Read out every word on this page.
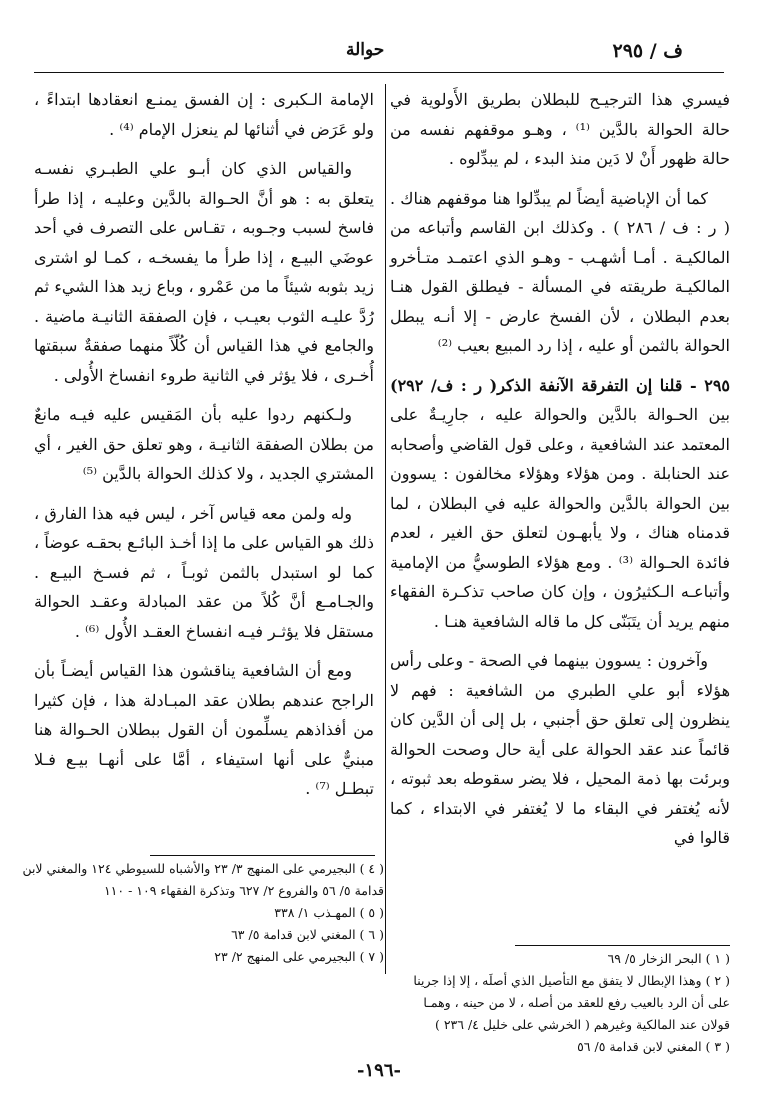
ف / ٢٩٥
حوالة

فيسري هذا الترجيـح للبطلان بطريق الأَولوية في حالة الحوالة بالدَّين ⁽¹⁾ ، وهـو موقفهم نفسه من حالة ظهور أَنْ لا دَين منذ البدء ، لم يبدِّلوه .

كما أن الإباضية أيضاً لم يبدِّلوا هنا موقفهم هناك . ( ر : ف / ٢٨٦ ) . وكذلك ابن القاسم وأتباعه من المالكيـة . أمـا أشهـب - وهـو الذي اعتمـد متـأخرو المالكيـة طريقته في المسألة - فيطلق القول هنـا بعدم البطلان ، لأن الفسخ عارض - إلا أنـه يبطل الحوالة بالثمن أو عليه ، إذا رد المبيع بعيب ⁽²⁾

٢٩٥ - قلنا إن التفرقة الآنفة الذكر( ر : ف/ ٢٩٢) بين الحـوالة بالدَّين والحوالة عليه ، جارِيـةٌ على المعتمد عند الشافعية ، وعلى قول القاضي وأصحابه عند الحنابلة . ومن هؤلاء وهؤلاء مخالفون : يسوون بين الحوالة بالدَّين والحوالة عليه في البطلان ، لما قدمناه هناك ، ولا يأبهـون لتعلق حق الغير ، لعدم فائدة الحـوالة ⁽³⁾ . ومع هؤلاء الطوسيُّ من الإمامية وأتباعـه الـكثيرُون ، وإن كان صاحب تذكـرة الفقهاء منهم يريد أن يتَبَنّى كل ما قاله الشافعية هنـا .

وآخرون : يسوون بينهما في الصحة - وعلى رأس هؤلاء أبو علي الطبري من الشافعية : فهم لا ينظرون إلى تعلق حق أجنبي ، بل إلى أن الدَّين كان قائماً عند عقد الحوالة على أية حال وصحت الحوالة وبرئت بها ذمة المحيل ، فلا يضر سقوطه بعد ثبوته ، لأنه يُغتفر في البقاء ما لا يُغتفر في الابتداء ، كما قالوا في

الإمامة الـكبرى : إن الفسق يمنـع انعقادها ابتداءً ، ولو عَرَض في أثنائها لم ينعزل الإمام ⁽⁴⁾ .

والقياس الذي كان أبـو علي الطبـري نفسـه يتعلق به : هو أنَّ الحـوالة بالدَّين وعليـه ، إذا طرأ فاسخ لسبب وجـوبه ، تقـاس على التصرف في أحد عوضَي البيـع ، إذا طرأ ما يفسخـه ، كمـا لو اشترى زيد بثوبه شيئاً ما من عَمْرو ، وباع زيد هذا الشيء ثم رُدَّ عليـه الثوب بعيـب ، فإن الصفقة الثانيـة ماضية . والجامع في هذا القياس أن كُلّاً منهما صفقةٌ سبقتها أُخـرى ، فلا يؤثر في الثانية طروء انفساخ الأُولى .

ولـكنهم ردوا عليه بأن المَقيس عليه فيـه مانعٌ من بطلان الصفقة الثانيـة ، وهو تعلق حق الغير ، أي المشتري الجديد ، ولا كذلك الحوالة بالدَّين ⁽⁵⁾

وله ولمن معه قياس آخر ، ليس فيه هذا الفارق ، ذلك هو القياس على ما إذا أخـذ البائـع بحقـه عوضاً ، كما لو استبدل بالثمن ثوبـاً ، ثم فسـخ البيـع . والجـامـع أنَّ كُلاً من عقد المبادلة وعقـد الحوالة مستقل فلا يؤثـر فيـه انفساخ العقـد الأُول ⁽⁶⁾ .

ومع أن الشافعية يناقشون هذا القياس أيضـاً بأن الراجح عندهم بطلان عقد المبـادلة هذا ، فإن كثيرا من أفذاذهم يسلِّمون أن القول ببطلان الحـوالة هنا مبنيٌّ على أنها استيفاء ، أمَّا على أنهـا بيـع فـلا تبطـل ⁽⁷⁾ .

( ١ ) البحر الزخار ٥/ ٦٩
( ٢ ) وهذا الإبطال لا يتفق مع التأصيل الذي أصلَه ، إلا إذا جرينا
على أن الرد بالعيب رفع للعقد من أصله ، لا من حينه ، وهمـا
قولان عند المالكية وغيرهم ( الخرشي على خليل ٤/ ٢٣٦ )
( ٣ ) المغني لابن قدامة ٥/ ٥٦
( ٤ ) البجيرمي على المنهج ٣/ ٢٣ والأشباه للسيوطي ١٢٤ والمغني لابن
قدامة ٥/ ٥٦ والفروع ٢/ ٦٢٧ وتذكرة الفقهاء ١٠٩ - ١١٠
( ٥ ) المهـذب ١/ ٣٣٨
( ٦ ) المغني لابن قدامة ٥/ ٦٣
( ٧ ) البجيرمي على المنهج ٢/ ٢٣
-١٩٦-
